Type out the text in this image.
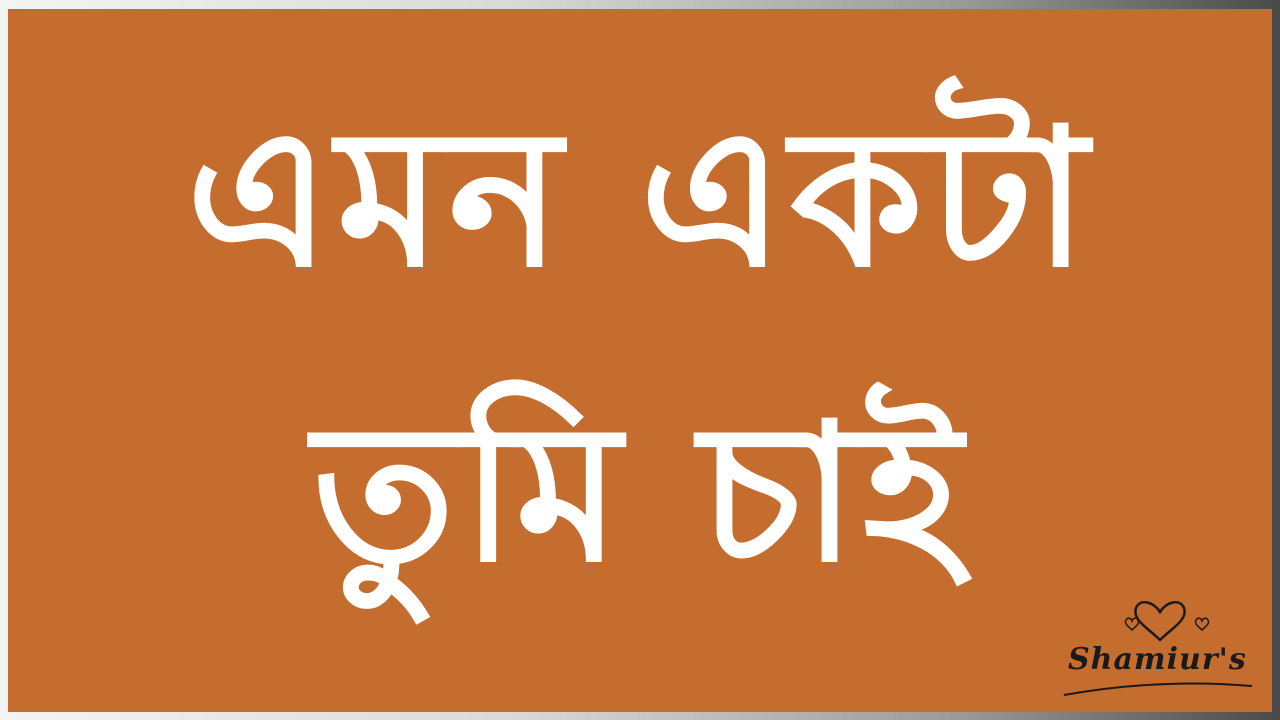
এমন একটা
তুমি চাই
Shamiur's
